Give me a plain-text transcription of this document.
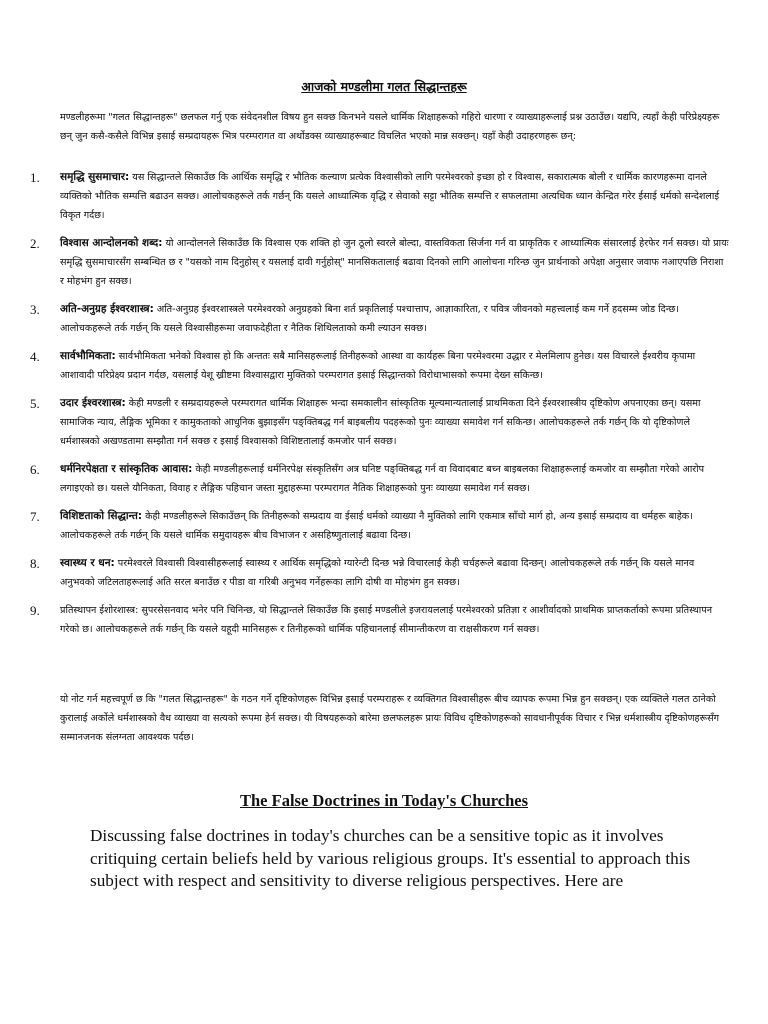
आजको मण्डलीमा गलत सिद्धान्तहरू

मण्डलीहरूमा "गलत सिद्धान्तहरू" छलफल गर्नु एक संवेदनशील विषय हुन सक्छ किनभने यसले धार्मिक शिक्षाहरूको गहिरो धारणा र व्याख्याहरूलाई प्रश्न उठाउँछ। यद्यपि, त्यहाँ केही परिप्रेक्ष्यहरू छन् जुन कसै-कसैले विभिन्न इसाई सम्प्रदायहरू भित्र परम्परागत वा अर्थोडक्स व्याख्याहरूबाट विचलित भएको मान्न सक्छन्। यहाँ केही उदाहरणहरू छन्:

1. समृद्धि सुसमाचार: यस सिद्धान्तले सिकाउँछ कि आर्थिक समृद्धि र भौतिक कल्याण प्रत्येक विश्वासीको लागि परमेश्वरको इच्छा हो र विश्वास, सकारात्मक बोली र धार्मिक कारणहरूमा दानले व्यक्तिको भौतिक सम्पत्ति बढाउन सक्छ। आलोचकहरूले तर्क गर्छन् कि यसले आध्यात्मिक वृद्धि र सेवाको सट्टा भौतिक सम्पत्ति र सफलतामा अत्यधिक ध्यान केन्द्रित गरेर ईसाई धर्मको सन्देशलाई विकृत गर्दछ।
2. विश्वास आन्दोलनको शब्द: यो आन्दोलनले सिकाउँछ कि विश्वास एक शक्ति हो जुन ठूलो स्वरले बोल्दा, वास्तविकता सिर्जना गर्न वा प्राकृतिक र आध्यात्मिक संसारलाई हेरफेर गर्न सक्छ। यो प्रायः समृद्धि सुसमाचारसँग सम्बन्धित छ र "यसको नाम दिनुहोस् र यसलाई दावी गर्नुहोस्" मानसिकतालाई बढावा दिनको लागि आलोचना गरिन्छ जुन प्रार्थनाको अपेक्षा अनुसार जवाफ नआएपछि निराशा र मोहभंग हुन सक्छ।
3. अति-अनुग्रह ईश्वरशास्त्र: अति-अनुग्रह ईश्वरशास्त्रले परमेश्वरको अनुग्रहको बिना शर्त प्रकृतिलाई पश्चात्ताप, आज्ञाकारिता, र पवित्र जीवनको महत्त्वलाई कम गर्ने हदसम्म जोड दिन्छ। आलोचकहरूले तर्क गर्छन् कि यसले विश्वासीहरूमा जवाफदेहीता र नैतिक शिथिलताको कमी ल्याउन सक्छ।
4. सार्वभौमिकता: सार्वभौमिकता भनेको विश्वास हो कि अन्ततः सबै मानिसहरूलाई तिनीहरूको आस्था वा कार्यहरू बिना परमेश्वरमा उद्धार र मेलमिलाप हुनेछ। यस विचारले ईश्वरीय कृपामा आशावादी परिप्रेक्ष्य प्रदान गर्दछ, यसलाई येशू ख्रीष्टमा विश्वासद्वारा मुक्तिको परम्परागत इसाई सिद्धान्तको विरोधाभासको रूपमा देख्न सकिन्छ।
5. उदार ईश्वरशास्त्र: केही मण्डली र सम्प्रदायहरूले परम्परागत धार्मिक शिक्षाहरू भन्दा समकालीन सांस्कृतिक मूल्यमान्यतालाई प्राथमिकता दिने ईश्वरशास्त्रीय दृष्टिकोण अपनाएका छन्। यसमा सामाजिक न्याय, लैङ्गिक भूमिका र कामुकताको आधुनिक बुझाइसँग पङ्क्तिबद्ध गर्न बाइबलीय पदहरूको पुनः व्याख्या समावेश गर्न सकिन्छ। आलोचकहरूले तर्क गर्छन् कि यो दृष्टिकोणले धर्मशास्त्रको अखण्डतामा सम्झौता गर्न सक्छ र इसाई विश्वासको विशिष्टतालाई कमजोर पार्न सक्छ।
6. धर्मनिरपेक्षता र सांस्कृतिक आवास: केही मण्डलीहरूलाई धर्मनिरपेक्ष संस्कृतिसँग अत्र घनिष्ट पङ्क्तिबद्ध गर्न वा विवादबाट बच्न बाइबलका शिक्षाहरूलाई कमजोर वा सम्झौता गरेको आरोप लगाइएको छ। यसले यौनिकता, विवाह र लैङ्गिक पहिचान जस्ता मुद्दाहरूमा परम्परागत नैतिक शिक्षाहरूको पुनः व्याख्या समावेश गर्न सक्छ।
7. विशिष्टताको सिद्धान्त: केही मण्डलीहरूले सिकाउँछन् कि तिनीहरूको सम्प्रदाय वा ईसाई धर्मको व्याख्या नै मुक्तिको लागि एकमात्र साँचो मार्ग हो, अन्य इसाई सम्प्रदाय वा धर्महरू बाहेक। आलोचकहरूले तर्क गर्छन् कि यसले धार्मिक समुदायहरू बीच विभाजन र असहिष्णुतालाई बढावा दिन्छ।
8. स्वास्थ्य र धन: परमेश्वरले विश्वासी विश्वासीहरूलाई स्वास्थ्य र आर्थिक समृद्धिको ग्यारेन्टी दिन्छ भन्ने विचारलाई केही चर्चहरूले बढावा दिन्छन्। आलोचकहरूले तर्क गर्छन् कि यसले मानव अनुभवको जटिलताहरूलाई अति सरल बनाउँछ र पीडा वा गरिबी अनुभव गर्नेहरूका लागि दोषी वा मोहभंग हुन सक्छ।
9. प्रतिस्थापन ईशोरशास्त्र: सुपरसेसनवाद भनेर पनि चिनिन्छ, यो सिद्धान्तले सिकाउँछ कि इसाई मण्डलीले इजरायललाई परमेश्वरको प्रतिज्ञा र आशीर्वादको प्राथमिक प्राप्तकर्ताको रूपमा प्रतिस्थापन गरेको छ। आलोचकहरूले तर्क गर्छन् कि यसले यहूदी मानिसहरू र तिनीहरूको धार्मिक पहिचानलाई सीमान्तीकरण वा राक्षसीकरण गर्न सक्छ।

यो नोट गर्न महत्त्वपूर्ण छ कि "गलत सिद्धान्तहरू" के गठन गर्ने दृष्टिकोणहरू विभिन्न इसाई परम्पराहरू र व्यक्तिगत विश्वासीहरू बीच व्यापक रूपमा भिन्न हुन सक्छन्। एक व्यक्तिले गलत ठानेको कुरालाई अर्कोले धर्मशास्त्रको वैध व्याख्या वा सत्यको रूपमा हेर्न सक्छ। यी विषयहरूको बारेमा छलफलहरू प्रायः विविध दृष्टिकोणहरूको सावधानीपूर्वक विचार र भिन्न धर्मशास्त्रीय दृष्टिकोणहरूसँग सम्मानजनक संलग्नता आवश्यक पर्दछ।

The False Doctrines in Today's Churches

Discussing false doctrines in today's churches can be a sensitive topic as it involves critiquing certain beliefs held by various religious groups. It's essential to approach this subject with respect and sensitivity to diverse religious perspectives. Here are
